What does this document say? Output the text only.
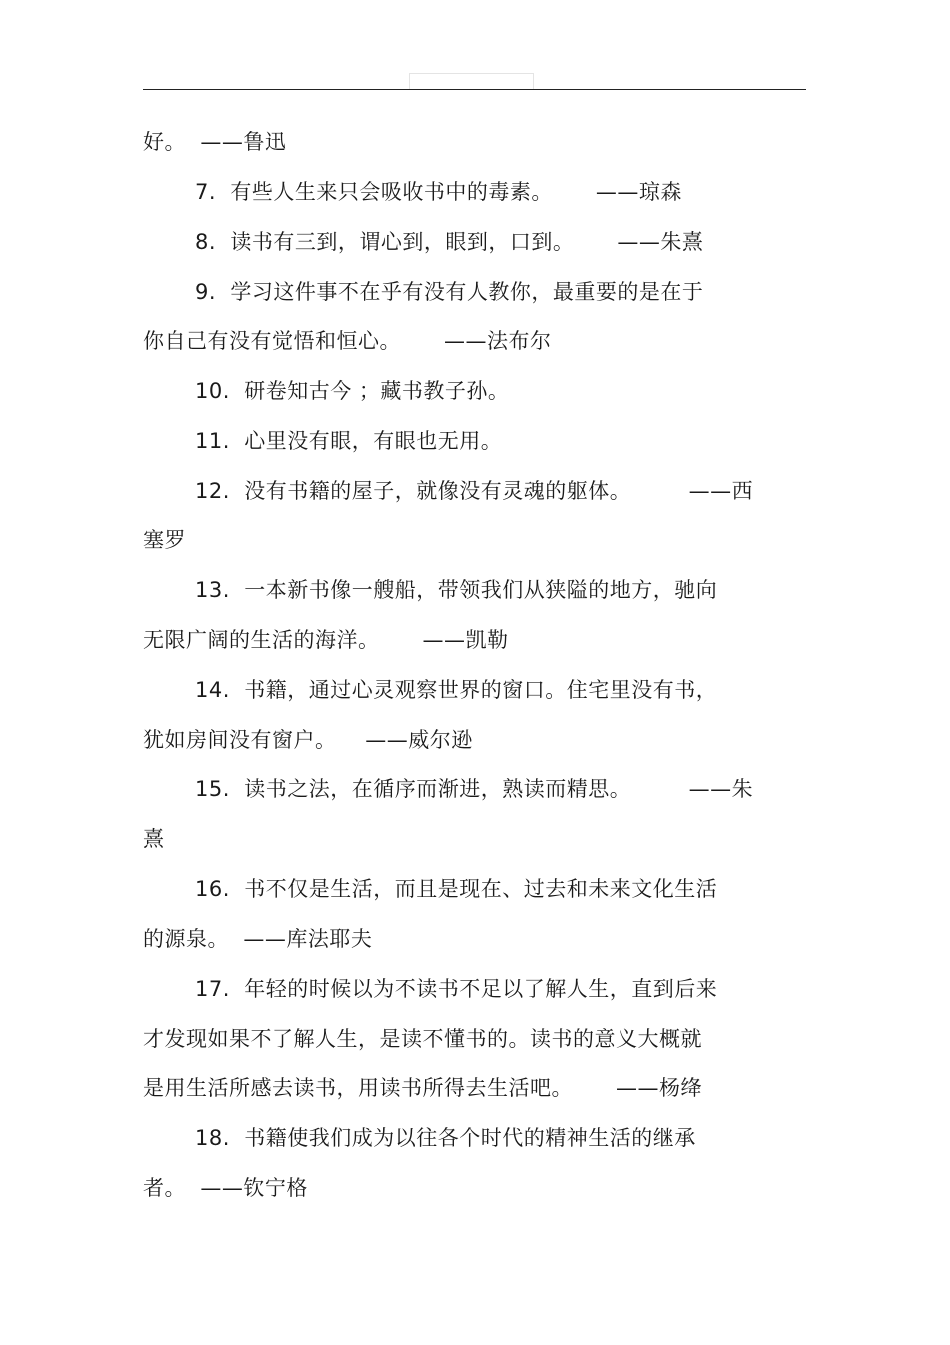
好。  ——鲁迅
7.  有些人生来只会吸收书中的毒素。      ——琼森
8.  读书有三到，谓心到，眼到，口到。      ——朱熹
9.  学习这件事不在乎有没有人教你，最重要的是在于
你自己有没有觉悟和恒心。      ——法布尔
10.  研卷知古今 ；藏书教子孙。
11.  心里没有眼，有眼也无用。
12.  没有书籍的屋子，就像没有灵魂的躯体。        ——西
塞罗
13.  一本新书像一艘船，带领我们从狭隘的地方，驰向
无限广阔的生活的海洋。      ——凯勒
14.  书籍，通过心灵观察世界的窗口。住宅里没有书，
犹如房间没有窗户。    ——威尔逊
15.  读书之法，在循序而渐进，熟读而精思。        ——朱
熹
16.  书不仅是生活，而且是现在、过去和未来文化生活
的源泉。  ——库法耶夫
17.  年轻的时候以为不读书不足以了解人生，直到后来
才发现如果不了解人生，是读不懂书的。读书的意义大概就
是用生活所感去读书，用读书所得去生活吧。      ——杨绛
18.  书籍使我们成为以往各个时代的精神生活的继承
者。  ——钦宁格
